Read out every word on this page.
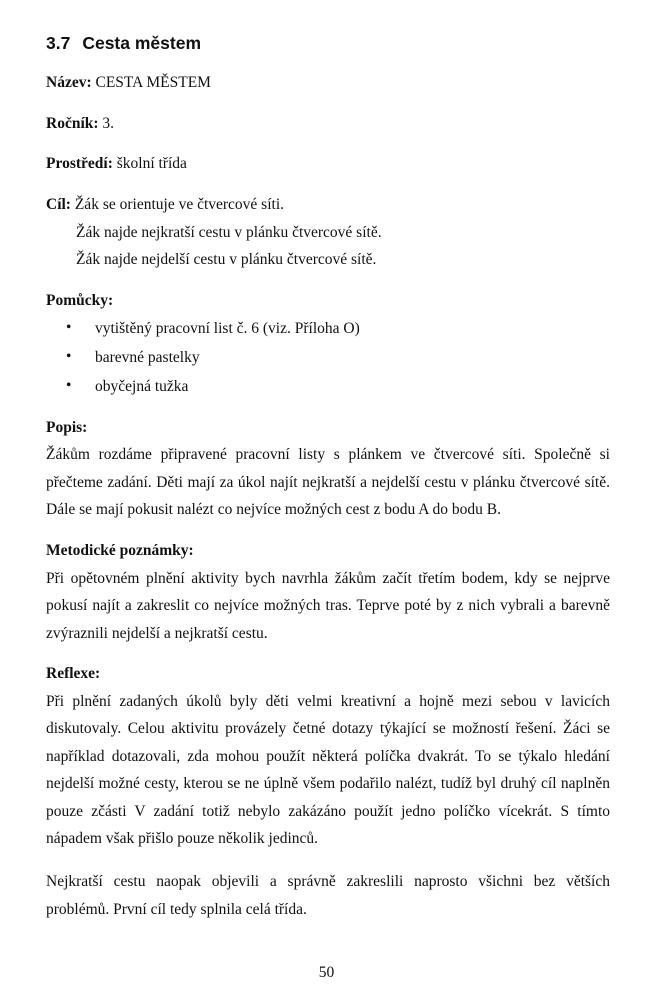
3.7 Cesta městem
Název: CESTA MĚSTEM
Ročník: 3.
Prostředí: školní třída
Cíl: Žák se orientuje ve čtvercové síti.
Žák najde nejkratší cestu v plánku čtvercové sítě.
Žák najde nejdelší cestu v plánku čtvercové sítě.
Pomůcky:
• vytištěný pracovní list č. 6 (viz. Příloha O)
• barevné pastelky
• obyčejná tužka
Popis:
Žákům rozdáme připravené pracovní listy s plánkem ve čtvercové síti. Společně si
přečteme zadání. Děti mají za úkol najít nejkratší a nejdelší cestu v plánku čtvercové sítě.
Dále se mají pokusit nalézt co nejvíce možných cest z bodu A do bodu B.
Metodické poznámky:
Při opětovném plnění aktivity bych navrhla žákům začít třetím bodem, kdy se nejprve
pokusí najít a zakreslit co nejvíce možných tras. Teprve poté by z nich vybrali a barevně
zvýraznili nejdelší a nejkratší cestu.
Reflexe:
Při plnění zadaných úkolů byly děti velmi kreativní a hojně mezi sebou v lavicích
diskutovaly. Celou aktivitu provázely četné dotazy týkající se možností řešení. Žáci se
například dotazovali, zda mohou použít některá políčka dvakrát. To se týkalo hledání
nejdelší možné cesty, kterou se ne úplně všem podařilo nalézt, tudíž byl druhý cíl naplněn
pouze zčásti V zadání totiž nebylo zakázáno použít jedno políčko vícekrát. S tímto
nápadem však přišlo pouze několik jedinců.
Nejkratší cestu naopak objevili a správně zakreslili naprosto všichni bez větších
problémů. První cíl tedy splnila celá třída.
50
